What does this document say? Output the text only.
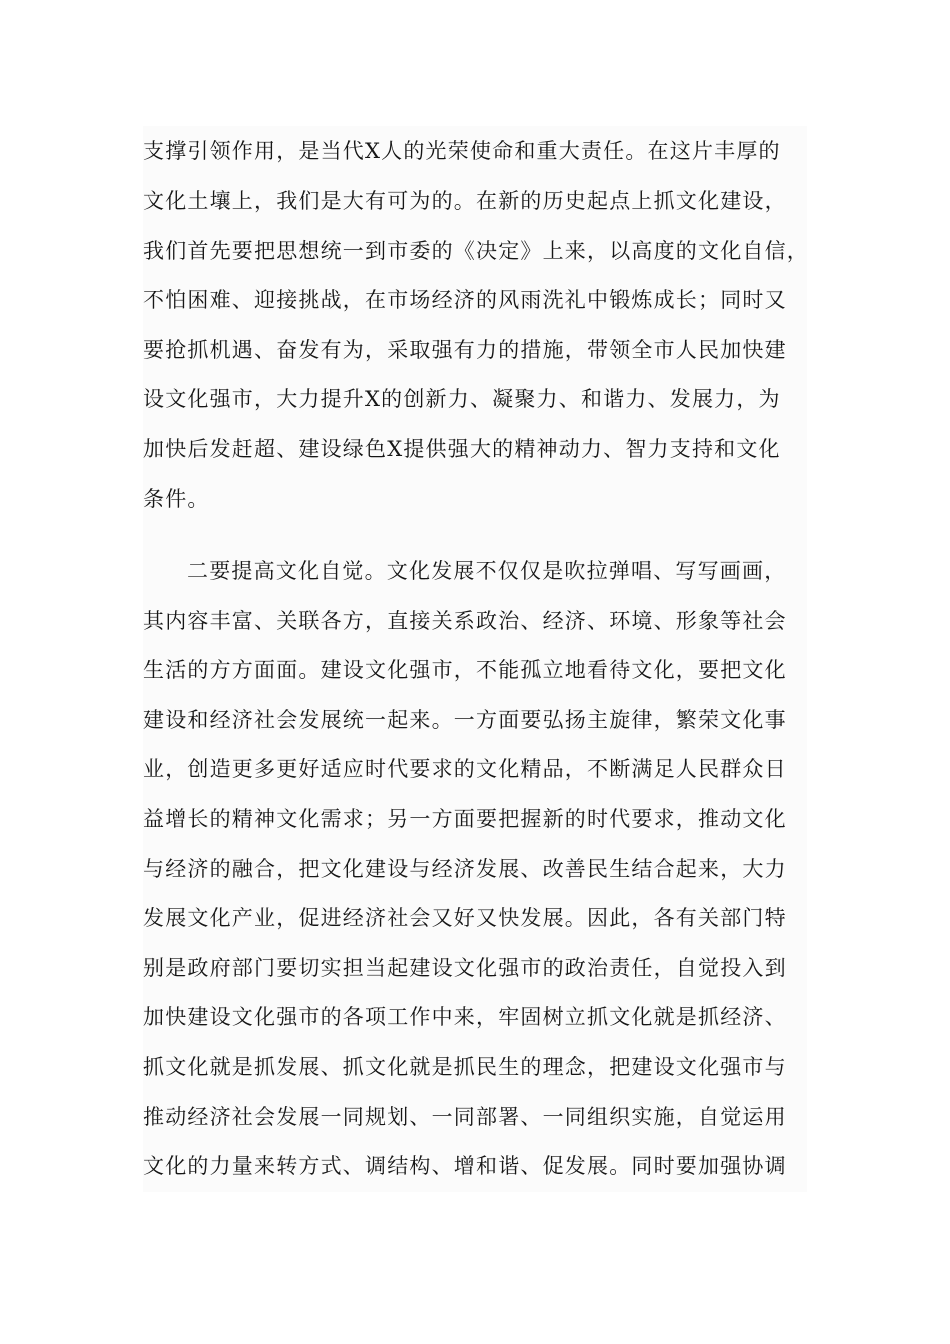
支撑引领作用，是当代X人的光荣使命和重大责任。在这片丰厚的
文化土壤上，我们是大有可为的。在新的历史起点上抓文化建设，
我们首先要把思想统一到市委的《决定》上来，以高度的文化自信，
不怕困难、迎接挑战，在市场经济的风雨洗礼中锻炼成长；同时又
要抢抓机遇、奋发有为，采取强有力的措施，带领全市人民加快建
设文化强市，大力提升X的创新力、凝聚力、和谐力、发展力，为
加快后发赶超、建设绿色X提供强大的精神动力、智力支持和文化
条件。
二要提高文化自觉。文化发展不仅仅是吹拉弹唱、写写画画，
其内容丰富、关联各方，直接关系政治、经济、环境、形象等社会
生活的方方面面。建设文化强市，不能孤立地看待文化，要把文化
建设和经济社会发展统一起来。一方面要弘扬主旋律，繁荣文化事
业，创造更多更好适应时代要求的文化精品，不断满足人民群众日
益增长的精神文化需求；另一方面要把握新的时代要求，推动文化
与经济的融合，把文化建设与经济发展、改善民生结合起来，大力
发展文化产业，促进经济社会又好又快发展。因此，各有关部门特
别是政府部门要切实担当起建设文化强市的政治责任，自觉投入到
加快建设文化强市的各项工作中来，牢固树立抓文化就是抓经济、
抓文化就是抓发展、抓文化就是抓民生的理念，把建设文化强市与
推动经济社会发展一同规划、一同部署、一同组织实施，自觉运用
文化的力量来转方式、调结构、增和谐、促发展。同时要加强协调
